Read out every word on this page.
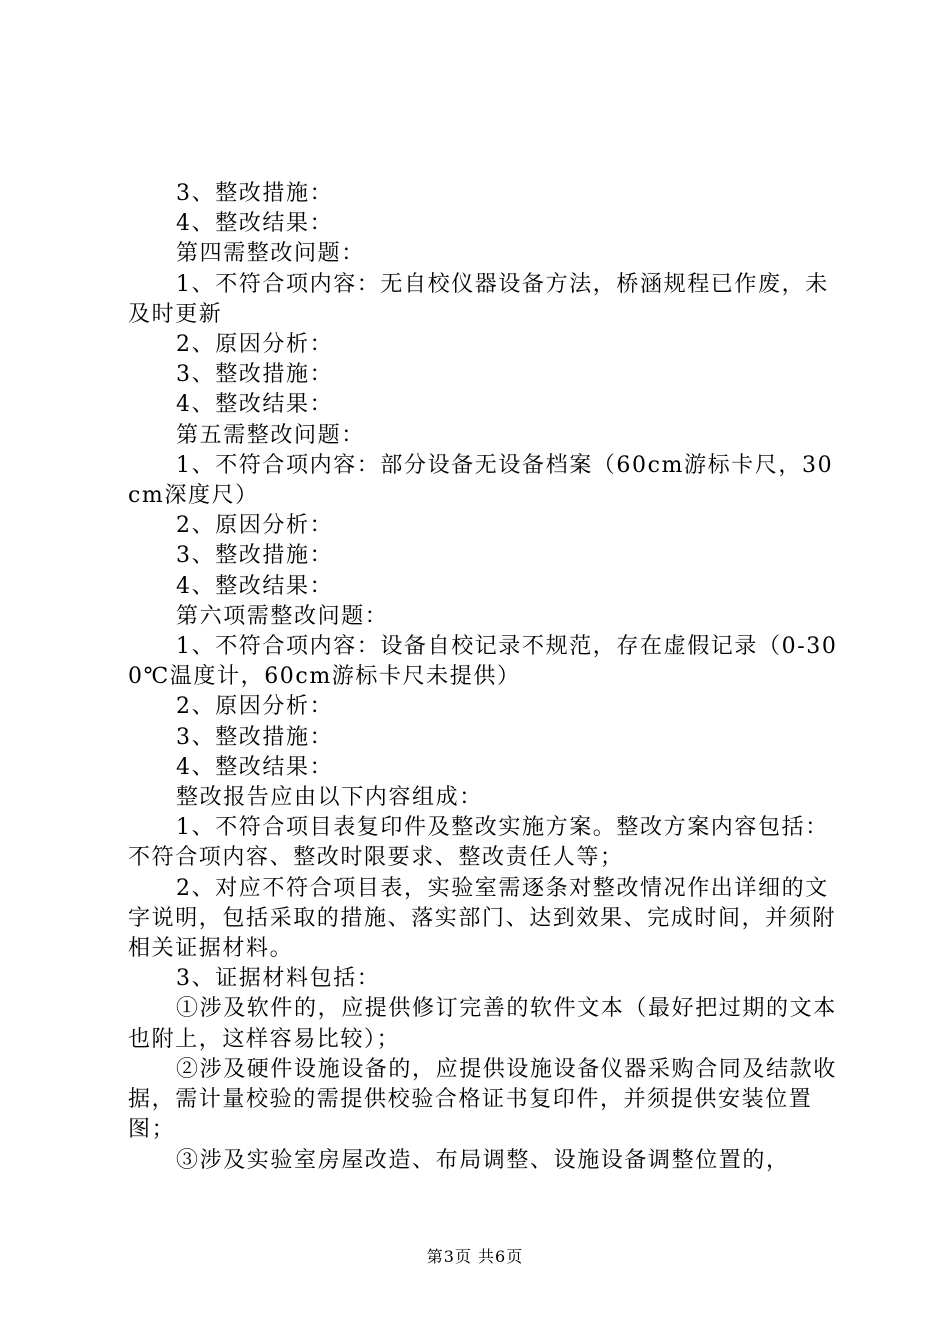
3、整改措施：

4、整改结果：

第四需整改问题：

1、不符合项内容：无自校仪器设备方法，桥涵规程已作废，未及时更新

2、原因分析：

3、整改措施：

4、整改结果：

第五需整改问题：

1、不符合项内容：部分设备无设备档案（60cm游标卡尺，30cm深度尺）

2、原因分析：

3、整改措施：

4、整改结果：

第六项需整改问题：

1、不符合项内容：设备自校记录不规范，存在虚假记录（0-300℃温度计，60cm游标卡尺未提供）

2、原因分析：

3、整改措施：

4、整改结果：

整改报告应由以下内容组成：

1、不符合项目表复印件及整改实施方案。整改方案内容包括：不符合项内容、整改时限要求、整改责任人等；

2、对应不符合项目表，实验室需逐条对整改情况作出详细的文字说明，包括采取的措施、落实部门、达到效果、完成时间，并须附相关证据材料。

3、证据材料包括：

①涉及软件的，应提供修订完善的软件文本（最好把过期的文本也附上，这样容易比较）；

②涉及硬件设施设备的，应提供设施设备仪器采购合同及结款收据，需计量校验的需提供校验合格证书复印件，并须提供安装位置图；

③涉及实验室房屋改造、布局调整、设施设备调整位置的，

第3页 共6页
